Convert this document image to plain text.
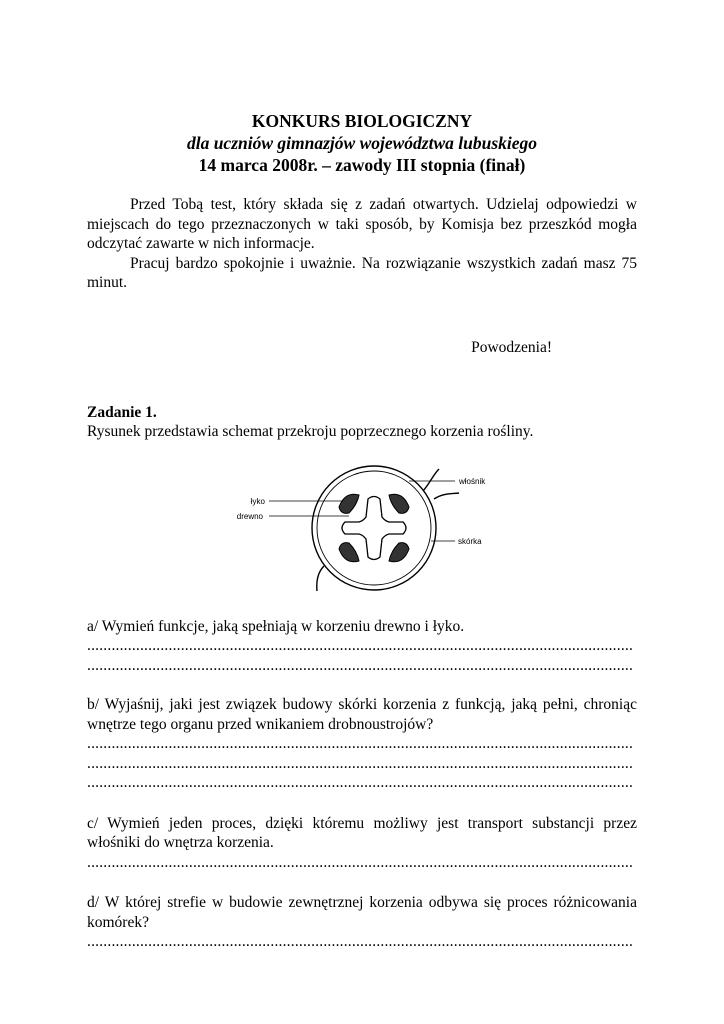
KONKURS BIOLOGICZNY
dla uczniów gimnazjów województwa lubuskiego
14 marca 2008r. – zawody III stopnia (finał)

Przed Tobą test, który składa się z zadań otwartych. Udzielaj odpowiedzi w miejscach do tego przeznaczonych w taki sposób, by Komisja bez przeszkód mogła odczytać zawarte w nich informacje.

Pracuj bardzo spokojnie i uważnie. Na rozwiązanie wszystkich zadań masz 75 minut.

Powodzenia!
Zadanie 1.
Rysunek przedstawia schemat przekroju poprzecznego korzenia rośliny.
łyko
drewno
włośnik
skórka

a/ Wymień funkcje, jaką spełniają w korzeniu drewno i łyko.

......................................................................................................................................
......................................................................................................................................

b/ Wyjaśnij, jaki jest związek budowy skórki korzenia z funkcją, jaką pełni, chroniąc wnętrze tego organu przed wnikaniem drobnoustrojów?

......................................................................................................................................
......................................................................................................................................
......................................................................................................................................

c/ Wymień jeden proces, dzięki któremu możliwy jest transport substancji przez włośniki do wnętrza korzenia.

......................................................................................................................................

d/ W której strefie w budowie zewnętrznej korzenia odbywa się proces różnicowania komórek?

......................................................................................................................................
